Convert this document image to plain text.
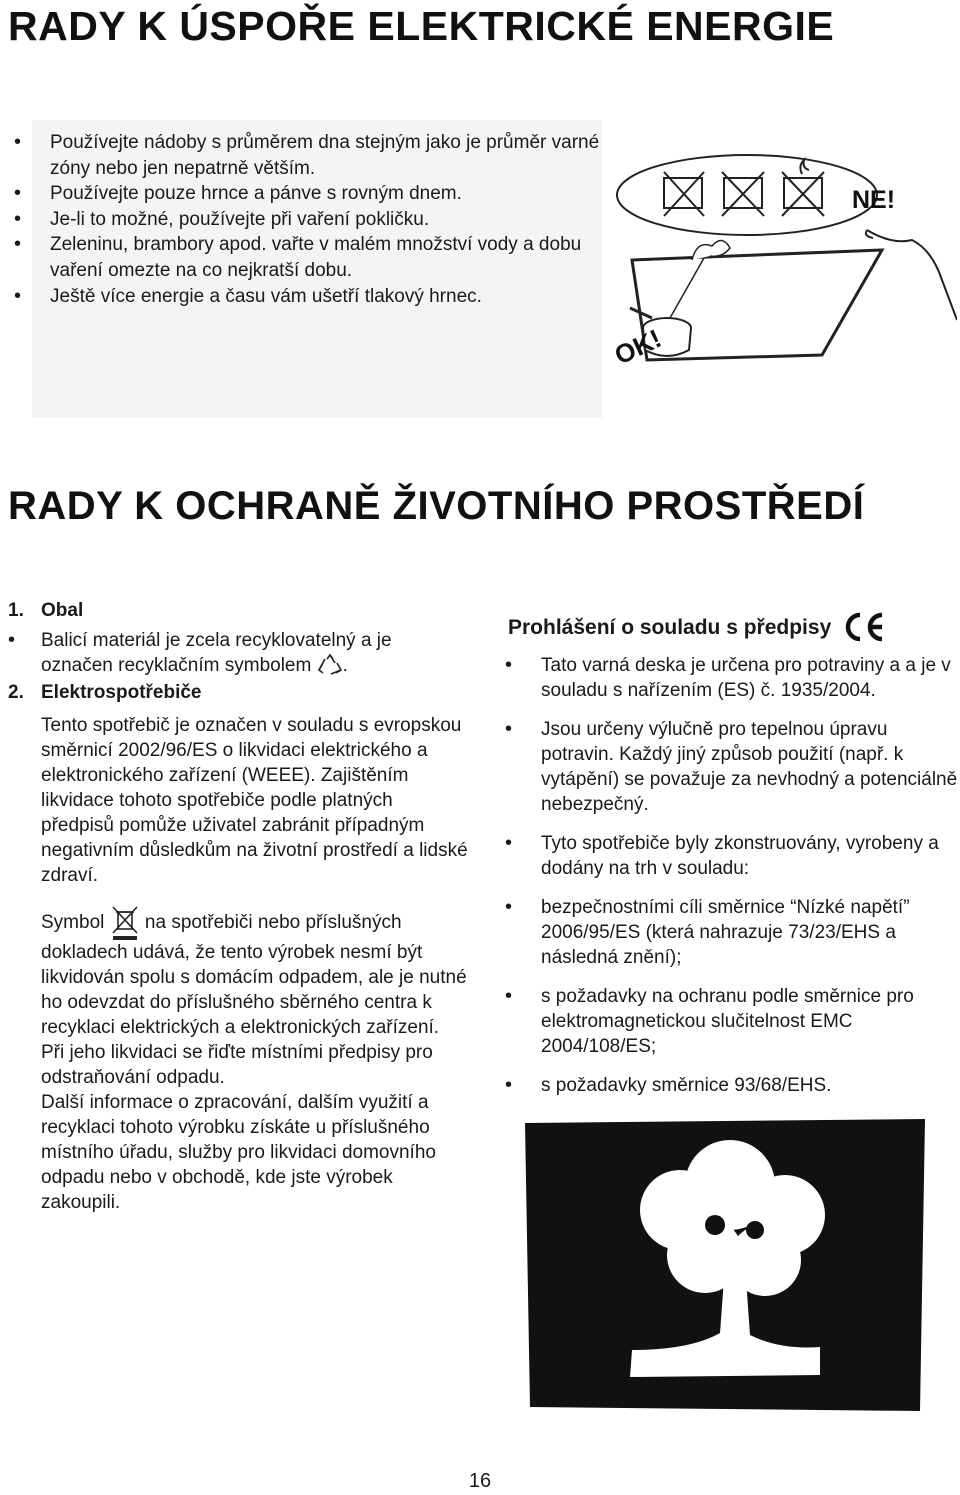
RADY K ÚSPOŘE ELEKTRICKÉ ENERGIE
• Používejte nádoby s průměrem dna stejným jako je průměr varné zóny nebo jen nepatrně větším.
• Používejte pouze hrnce a pánve s rovným dnem.
• Je-li to možné, používejte při vaření pokličku.
• Zeleninu, brambory apod. vařte v malém množství vody a dobu vaření omezte na co nejkratší dobu.
• Ještě více energie a času vám ušetří tlakový hrnec.
OK!
NE!
RADY K OCHRANĚ ŽIVOTNÍHO PROSTŘEDÍ
1. Obal
• Balicí materiál je zcela recyklovatelný a je označen recyklačním symbolem .
2. Elektrospotřebiče
Tento spotřebič je označen v souladu s evropskou směrnicí 2002/96/ES o likvidaci elektrického a elektronického zařízení (WEEE). Zajištěním likvidace tohoto spotřebiče podle platných předpisů pomůže uživatel zabránit případným negativním důsledkům na životní prostředí a lidské zdraví.
Symbol na spotřebiči nebo příslušných dokladech udává, že tento výrobek nesmí být likvidován spolu s domácím odpadem, ale je nutné ho odevzdat do příslušného sběrného centra k recyklaci elektrických a elektronických zařízení.
Při jeho likvidaci se řiďte místními předpisy pro odstraňování odpadu.
Další informace o zpracování, dalším využití a recyklaci tohoto výrobku získáte u příslušného místního úřadu, služby pro likvidaci domovního odpadu nebo v obchodě, kde jste výrobek zakoupili.
Prohlášení o souladu s předpisy
• Tato varná deska je určena pro potraviny a a je v souladu s nařízením (ES) č. 1935/2004.
• Jsou určeny výlučně pro tepelnou úpravu potravin. Každý jiný způsob použití (např. k vytápění) se považuje za nevhodný a potenciálně nebezpečný.
• Tyto spotřebiče byly zkonstruovány, vyrobeny a dodány na trh v souladu:
• bezpečnostními cíli směrnice “Nízké napětí” 2006/95/ES (která nahrazuje 73/23/EHS a následná znění);
• s požadavky na ochranu podle směrnice pro elektromagnetickou slučitelnost EMC 2004/108/ES;
• s požadavky směrnice 93/68/EHS.
16
